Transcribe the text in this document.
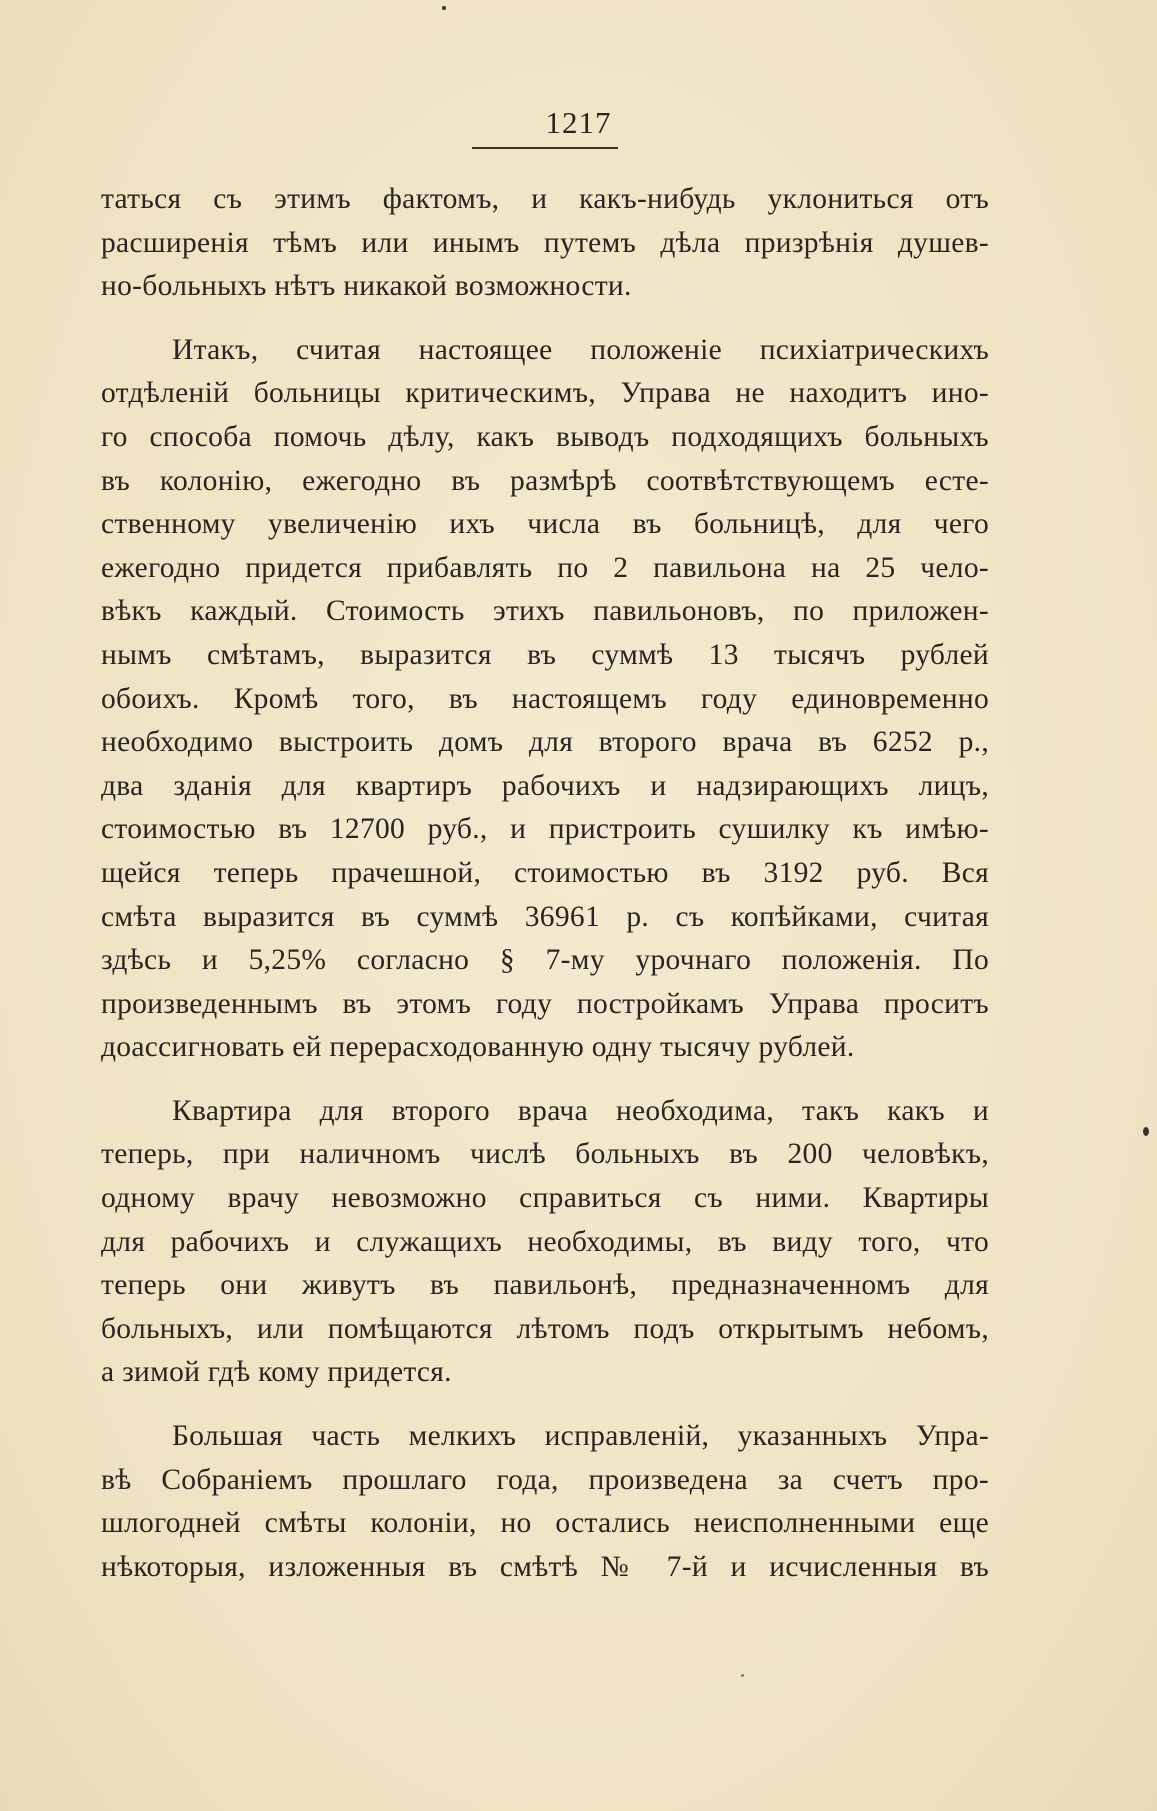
1217

таться съ этимъ фактомъ, и какъ-нибудь уклониться отъ
расширенія тѣмъ или инымъ путемъ дѣла призрѣнія душев-
но-больныхъ нѣтъ никакой возможности.

Итакъ, считая настоящее положеніе психіатрическихъ
отдѣленій больницы критическимъ, Управа не находитъ ино-
го способа помочь дѣлу, какъ выводъ подходящихъ больныхъ
въ колонію, ежегодно въ размѣрѣ соотвѣтствующемъ есте-
ственному увеличенію ихъ числа въ больницѣ, для чего
ежегодно придется прибавлять по 2 павильона на 25 чело-
вѣкъ каждый. Стоимость этихъ павильоновъ, по приложен-
нымъ смѣтамъ, выразится въ суммѣ 13 тысячъ рублей
обоихъ. Кромѣ того, въ настоящемъ году единовременно
необходимо выстроить домъ для второго врача въ 6252 р.,
два зданія для квартиръ рабочихъ и надзирающихъ лицъ,
стоимостью въ 12700 руб., и пристроить сушилку къ имѣю-
щейся теперь прачешной, стоимостью въ 3192 руб. Вся
смѣта выразится въ суммѣ 36961 р. съ копѣйками, считая
здѣсь и 5,25% согласно § 7-му урочнаго положенія. По
произведеннымъ въ этомъ году постройкамъ Управа проситъ
доассигновать ей перерасходованную одну тысячу рублей.

Квартира для второго врача необходима, такъ какъ и
теперь, при наличномъ числѣ больныхъ въ 200 человѣкъ,
одному врачу невозможно справиться съ ними. Квартиры
для рабочихъ и служащихъ необходимы, въ виду того, что
теперь они живутъ въ павильонѣ, предназначенномъ для
больныхъ, или помѣщаются лѣтомъ подъ открытымъ небомъ,
а зимой гдѣ кому придется.

Большая часть мелкихъ исправленій, указанныхъ Упра-
вѣ Собраніемъ прошлаго года, произведена за счетъ про-
шлогодней смѣты колоніи, но остались неисполненными еще
нѣкоторыя, изложенныя въ смѣтѣ № 7-й и исчисленныя въ
